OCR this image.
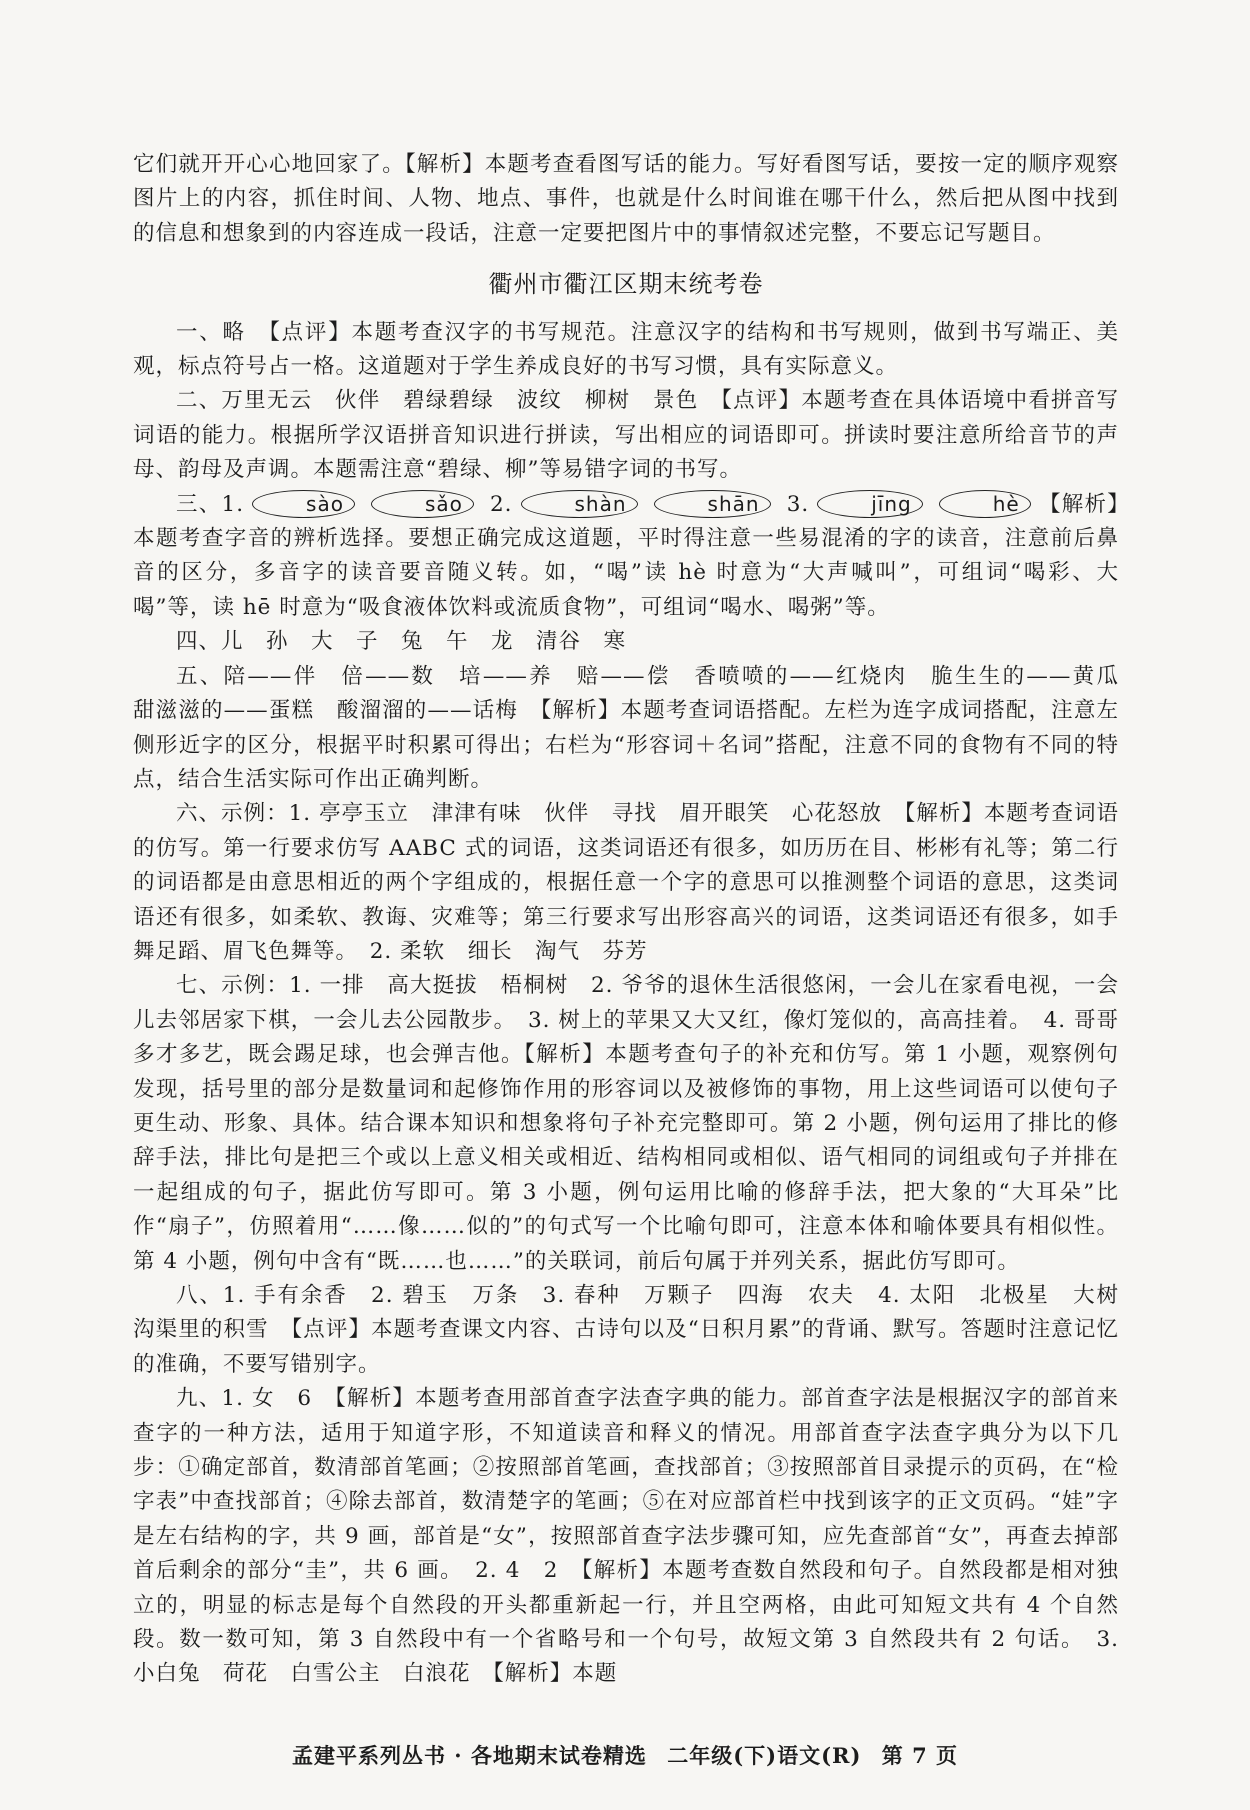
它们就开开心心地回家了。【解析】本题考查看图写话的能力。写好看图写话，要按一定的顺序观察图片上的内容，抓住时间、人物、地点、事件，也就是什么时间谁在哪干什么，然后把从图中找到的信息和想象到的内容连成一段话，注意一定要把图片中的事情叙述完整，不要忘记写题目。

衢州市衢江区期末统考卷

一、略　【点评】本题考查汉字的书写规范。注意汉字的结构和书写规则，做到书写端正、美观，标点符号占一格。这道题对于学生养成良好的书写习惯，具有实际意义。

二、万里无云　伙伴　碧绿碧绿　波纹　柳树　景色　【点评】本题考查在具体语境中看拼音写词语的能力。根据所学汉语拼音知识进行拼读，写出相应的词语即可。拼读时要注意所给音节的声母、韵母及声调。本题需注意“碧绿、柳”等易错字词的书写。

三、1.	sào	sǎo 2.	shàn	shān 3.	jīng	hè 【解析】本题考查字音的辨析选择。要想正确完成这道题，平时得注意一些易混淆的字的读音，注意前后鼻音的区分，多音字的读音要音随义转。如，“喝”读 hè 时意为“大声喊叫”，可组词“喝彩、大喝”等，读 hē 时意为“吸食液体饮料或流质食物”，可组词“喝水、喝粥”等。

四、儿　孙　大　子　兔　午　龙　清谷　寒

五、陪——伴　倍——数　培——养　赔——偿　香喷喷的——红烧肉　脆生生的——黄瓜　甜滋滋的——蛋糕　酸溜溜的——话梅　【解析】本题考查词语搭配。左栏为连字成词搭配，注意左侧形近字的区分，根据平时积累可得出；右栏为“形容词＋名词”搭配，注意不同的食物有不同的特点，结合生活实际可作出正确判断。

六、示例：1. 亭亭玉立　津津有味　伙伴　寻找　眉开眼笑　心花怒放　【解析】本题考查词语的仿写。第一行要求仿写 AABC 式的词语，这类词语还有很多，如历历在目、彬彬有礼等；第二行的词语都是由意思相近的两个字组成的，根据任意一个字的意思可以推测整个词语的意思，这类词语还有很多，如柔软、教诲、灾难等；第三行要求写出形容高兴的词语，这类词语还有很多，如手舞足蹈、眉飞色舞等。　2. 柔软　细长　淘气　芬芳

七、示例：1. 一排　高大挺拔　梧桐树　2. 爷爷的退休生活很悠闲，一会儿在家看电视，一会儿去邻居家下棋，一会儿去公园散步。　3. 树上的苹果又大又红，像灯笼似的，高高挂着。　4. 哥哥多才多艺，既会踢足球，也会弹吉他。【解析】本题考查句子的补充和仿写。第 1 小题，观察例句发现，括号里的部分是数量词和起修饰作用的形容词以及被修饰的事物，用上这些词语可以使句子更生动、形象、具体。结合课本知识和想象将句子补充完整即可。第 2 小题，例句运用了排比的修辞手法，排比句是把三个或以上意义相关或相近、结构相同或相似、语气相同的词组或句子并排在一起组成的句子，据此仿写即可。第 3 小题，例句运用比喻的修辞手法，把大象的“大耳朵”比作“扇子”，仿照着用“……像……似的”的句式写一个比喻句即可，注意本体和喻体要具有相似性。第 4 小题，例句中含有“既……也……”的关联词，前后句属于并列关系，据此仿写即可。

八、1. 手有余香　2. 碧玉　万条　3. 春种　万颗子　四海　农夫　4. 太阳　北极星　大树　沟渠里的积雪　【点评】本题考查课文内容、古诗句以及“日积月累”的背诵、默写。答题时注意记忆的准确，不要写错别字。

九、1. 女　6　【解析】本题考查用部首查字法查字典的能力。部首查字法是根据汉字的部首来查字的一种方法，适用于知道字形，不知道读音和释义的情况。用部首查字法查字典分为以下几步：①确定部首，数清部首笔画；②按照部首笔画，查找部首；③按照部首目录提示的页码，在“检字表”中查找部首；④除去部首，数清楚字的笔画；⑤在对应部首栏中找到该字的正文页码。“娃”字是左右结构的字，共 9 画，部首是“女”，按照部首查字法步骤可知，应先查部首“女”，再查去掉部首后剩余的部分“圭”，共 6 画。　2. 4　2　【解析】本题考查数自然段和句子。自然段都是相对独立的，明显的标志是每个自然段的开头都重新起一行，并且空两格，由此可知短文共有 4 个自然段。数一数可知，第 3 自然段中有一个省略号和一个句号，故短文第 3 自然段共有 2 句话。　3. 小白兔　荷花　白雪公主　白浪花　【解析】本题

孟建平系列丛书 · 各地期末试卷精选 二年级(下)语文(R) 第 7 页
